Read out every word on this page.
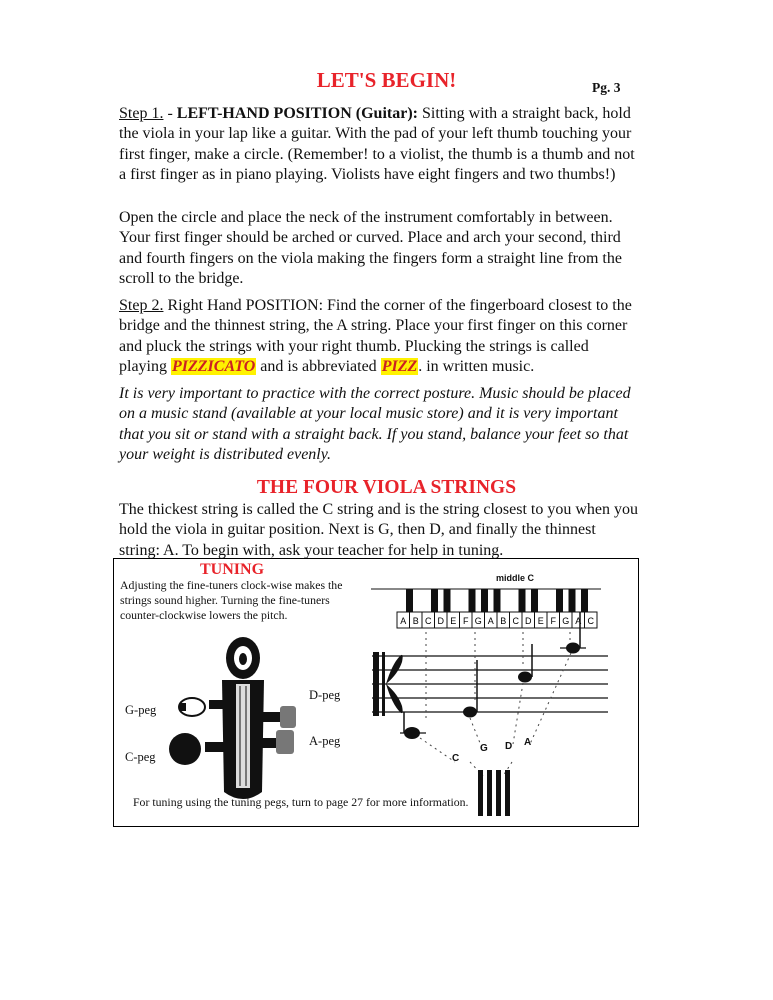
LET'S BEGIN!	Pg. 3
Step 1. - LEFT-HAND POSITION (Guitar): Sitting with a straight back, hold the viola in your lap like a guitar. With the pad of your left thumb touching your first finger, make a circle. (Remember! to a violist, the thumb is a thumb and not a first finger as in piano playing. Violists have eight fingers and two thumbs!)
Open the circle and place the neck of the instrument comfortably in between. Your first finger should be arched or curved. Place and arch your second, third and fourth fingers on the viola making the fingers form a straight line from the scroll to the bridge.
Step 2. Right Hand POSITION: Find the corner of the fingerboard closest to the bridge and the thinnest string, the A string. Place your first finger on this corner and pluck the strings with your right thumb. Plucking the strings is called playing PIZZICATO and is abbreviated PIZZ. in written music.
It is very important to practice with the correct posture. Music should be placed on a music stand (available at your local music store) and it is very important that you sit or stand with a straight back. If you stand, balance your feet so that your weight is distributed evenly.
THE FOUR VIOLA STRINGS
The thickest string is called the C string and is the string closest to you when you hold the viola in guitar position. Next is G, then D, and finally the thinnest string: A. To begin with, ask your teacher for help in tuning.
TUNING
Adjusting the fine-tuners clock-wise makes the strings sound higher. Turning the fine-tuners counter-clockwise lowers the pitch.
middle C
A B C D E F G A B C D E F G A C
G-peg
C-peg
D-peg
A-peg
C
G D A
For tuning using the tuning pegs, turn to page 27 for more information.
